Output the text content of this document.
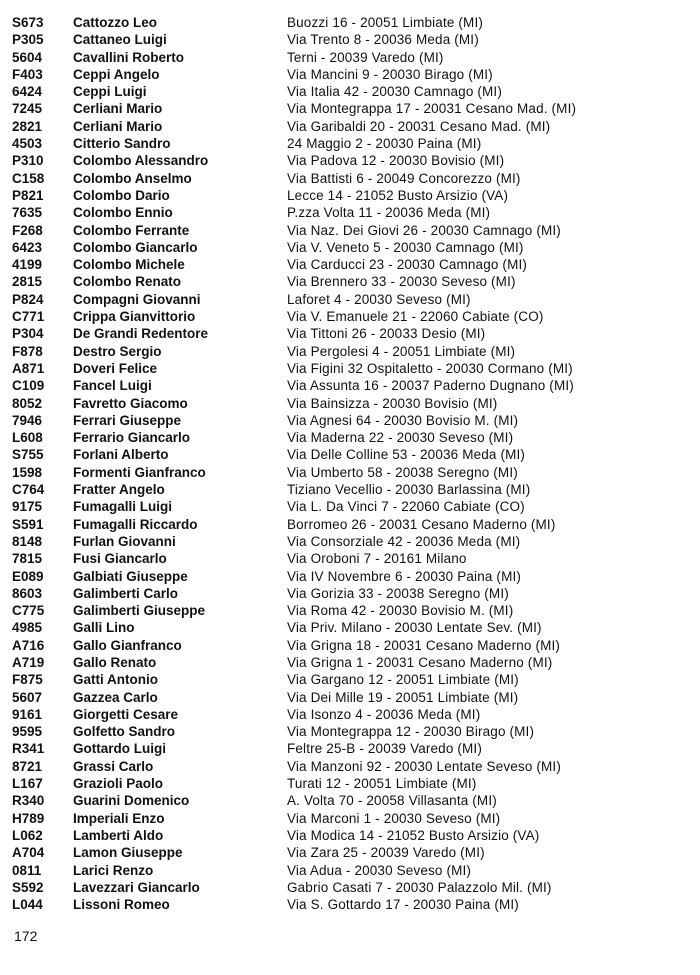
S673	Cattozzo Leo	Buozzi 16 - 20051 Limbiate (MI)
P305	Cattaneo Luigi	Via Trento 8 - 20036 Meda (MI)
5604	Cavallini Roberto	Terni - 20039 Varedo (MI)
F403	Ceppi Angelo	Via Mancini 9 - 20030 Birago (MI)
6424	Ceppi Luigi	Via Italia 42 - 20030 Camnago (MI)
7245	Cerliani Mario	Via Montegrappa 17 - 20031 Cesano Mad. (MI)
2821	Cerliani Mario	Via Garibaldi 20 - 20031 Cesano Mad. (MI)
4503	Citterio Sandro	24 Maggio 2 - 20030 Paina (MI)
P310	Colombo Alessandro	Via Padova 12 - 20030 Bovisio (MI)
C158	Colombo Anselmo	Via Battisti 6 - 20049 Concorezzo (MI)
P821	Colombo Dario	Lecce 14 - 21052 Busto Arsizio (VA)
7635	Colombo Ennio	P.zza Volta 11 - 20036 Meda (MI)
F268	Colombo Ferrante	Via Naz. Dei Giovi 26 - 20030 Camnago (MI)
6423	Colombo Giancarlo	Via V. Veneto 5 - 20030 Camnago (MI)
4199	Colombo Michele	Via Carducci 23 - 20030 Camnago (MI)
2815	Colombo Renato	Via Brennero 33 - 20030 Seveso (MI)
P824	Compagni Giovanni	Laforet 4 - 20030 Seveso (MI)
C771	Crippa Gianvittorio	Via V. Emanuele 21 - 22060 Cabiate (CO)
P304	De Grandi Redentore	Via Tittoni 26 - 20033 Desio (MI)
F878	Destro Sergio	Via Pergolesi 4 - 20051 Limbiate (MI)
A871	Doveri Felice	Via Figini 32 Ospitaletto - 20030 Cormano (MI)
C109	Fancel Luigi	Via Assunta 16 - 20037 Paderno Dugnano (MI)
8052	Favretto Giacomo	Via Bainsizza - 20030 Bovisio (MI)
7946	Ferrari Giuseppe	Via Agnesi 64 - 20030 Bovisio M. (MI)
L608	Ferrario Giancarlo	Via Maderna 22 - 20030 Seveso (MI)
S755	Forlani Alberto	Via Delle Colline 53 - 20036 Meda (MI)
1598	Formenti Gianfranco	Via Umberto 58 - 20038 Seregno (MI)
C764	Fratter Angelo	Tiziano Vecellio - 20030 Barlassina (MI)
9175	Fumagalli Luigi	Via L. Da Vinci 7 - 22060 Cabiate (CO)
S591	Fumagalli Riccardo	Borromeo 26 - 20031 Cesano Maderno (MI)
8148	Furlan Giovanni	Via Consorziale 42 - 20036 Meda (MI)
7815	Fusi Giancarlo	Via Oroboni 7 - 20161 Milano
E089	Galbiati Giuseppe	Via IV Novembre 6 - 20030 Paina (MI)
8603	Galimberti Carlo	Via Gorizia 33 - 20038 Seregno (MI)
C775	Galimberti Giuseppe	Via Roma 42 - 20030 Bovisio M. (MI)
4985	Galli Lino	Via Priv. Milano - 20030 Lentate Sev. (MI)
A716	Gallo Gianfranco	Via Grigna 18 - 20031 Cesano Maderno (MI)
A719	Gallo Renato	Via Grigna 1 - 20031 Cesano Maderno (MI)
F875	Gatti Antonio	Via Gargano 12 - 20051 Limbiate (MI)
5607	Gazzea Carlo	Via Dei Mille 19 - 20051 Limbiate (MI)
9161	Giorgetti Cesare	Via Isonzo 4 - 20036 Meda (MI)
9595	Golfetto Sandro	Via Montegrappa 12 - 20030 Birago (MI)
R341	Gottardo Luigi	Feltre 25-B - 20039 Varedo (MI)
8721	Grassi Carlo	Via Manzoni 92 - 20030 Lentate Seveso (MI)
L167	Grazioli Paolo	Turati 12 - 20051 Limbiate (MI)
R340	Guarini Domenico	A. Volta 70 - 20058 Villasanta (MI)
H789	Imperiali Enzo	Via Marconi 1 - 20030 Seveso (MI)
L062	Lamberti Aldo	Via Modica 14 - 21052 Busto Arsizio (VA)
A704	Lamon Giuseppe	Via Zara 25 - 20039 Varedo (MI)
0811	Larici Renzo	Via Adua - 20030 Seveso (MI)
S592	Lavezzari Giancarlo	Gabrio Casati 7 - 20030 Palazzolo Mil. (MI)
L044	Lissoni Romeo	Via S. Gottardo 17 - 20030 Paina (MI)
172
